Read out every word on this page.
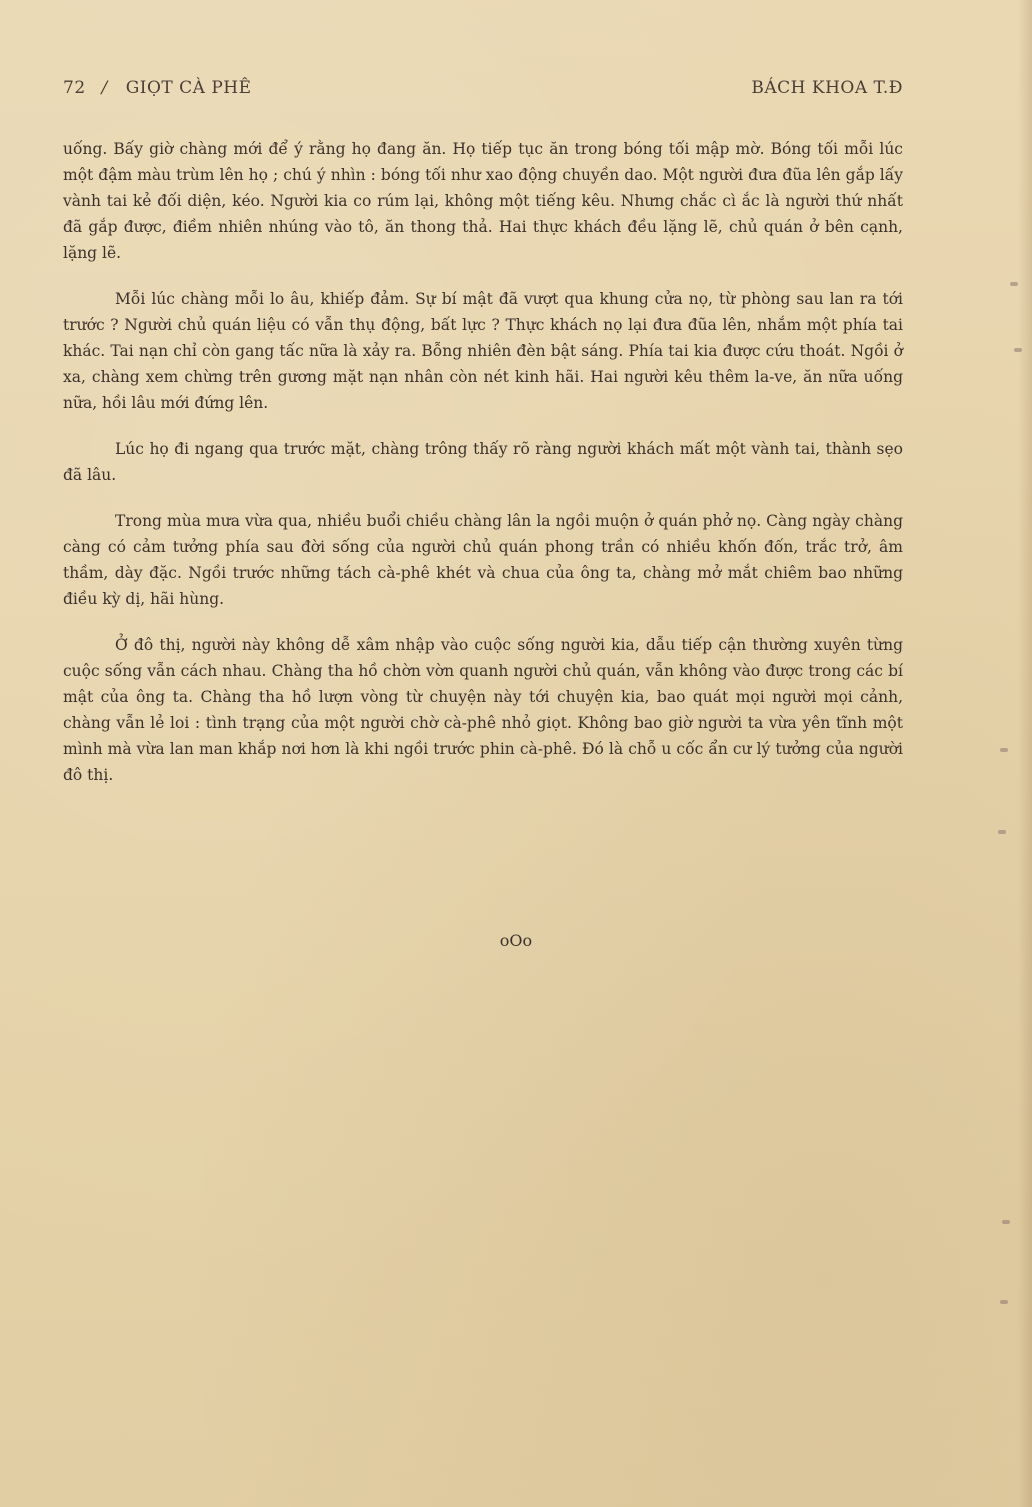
72 / GIỌT CÀ PHÊ	BÁCH KHOA T.Đ

uống. Bấy giờ chàng mới để ý rằng họ đang ăn. Họ tiếp tục ăn trong bóng tối mập mờ. Bóng tối mỗi lúc một đậm màu trùm lên họ ; chú ý nhìn : bóng tối như xao động chuyền dao. Một người đưa đũa lên gắp lấy vành tai kẻ đối diện, kéo. Người kia co rúm lại, không một tiếng kêu. Nhưng chắc cì ắc là người thứ nhất đã gắp được, điềm nhiên nhúng vào tô, ăn thong thả. Hai thực khách đều lặng lẽ, chủ quán ở bên cạnh, lặng lẽ.

Mỗi lúc chàng mỗi lo âu, khiếp đảm. Sự bí mật đã vượt qua khung cửa nọ, từ phòng sau lan ra tới trước ? Người chủ quán liệu có vẫn thụ động, bất lực ? Thực khách nọ lại đưa đũa lên, nhắm một phía tai khác. Tai nạn chỉ còn gang tấc nữa là xảy ra. Bỗng nhiên đèn bật sáng. Phía tai kia được cứu thoát. Ngồi ở xa, chàng xem chừng trên gương mặt nạn nhân còn nét kinh hãi. Hai người kêu thêm la-ve, ăn nữa uống nữa, hồi lâu mới đứng lên.

Lúc họ đi ngang qua trước mặt, chàng trông thấy rõ ràng người khách mất một vành tai, thành sẹo đã lâu.

Trong mùa mưa vừa qua, nhiều buổi chiều chàng lân la ngồi muộn ở quán phở nọ. Càng ngày chàng càng có cảm tưởng phía sau đời sống của người chủ quán phong trần có nhiều khốn đốn, trắc trở, âm thầm, dày đặc. Ngồi trước những tách cà-phê khét và chua của ông ta, chàng mở mắt chiêm bao những điều kỳ dị, hãi hùng.

Ở đô thị, người này không dễ xâm nhập vào cuộc sống người kia, dẫu tiếp cận thường xuyên từng cuộc sống vẫn cách nhau. Chàng tha hồ chờn vờn quanh người chủ quán, vẫn không vào được trong các bí mật của ông ta. Chàng tha hồ lượn vòng từ chuyện này tới chuyện kia, bao quát mọi người mọi cảnh, chàng vẫn lẻ loi : tình trạng của một người chờ cà-phê nhỏ giọt. Không bao giờ người ta vừa yên tĩnh một mình mà vừa lan man khắp nơi hơn là khi ngồi trước phin cà-phê. Đó là chỗ u cốc ẩn cư lý tưởng của người đô thị.

oOo
